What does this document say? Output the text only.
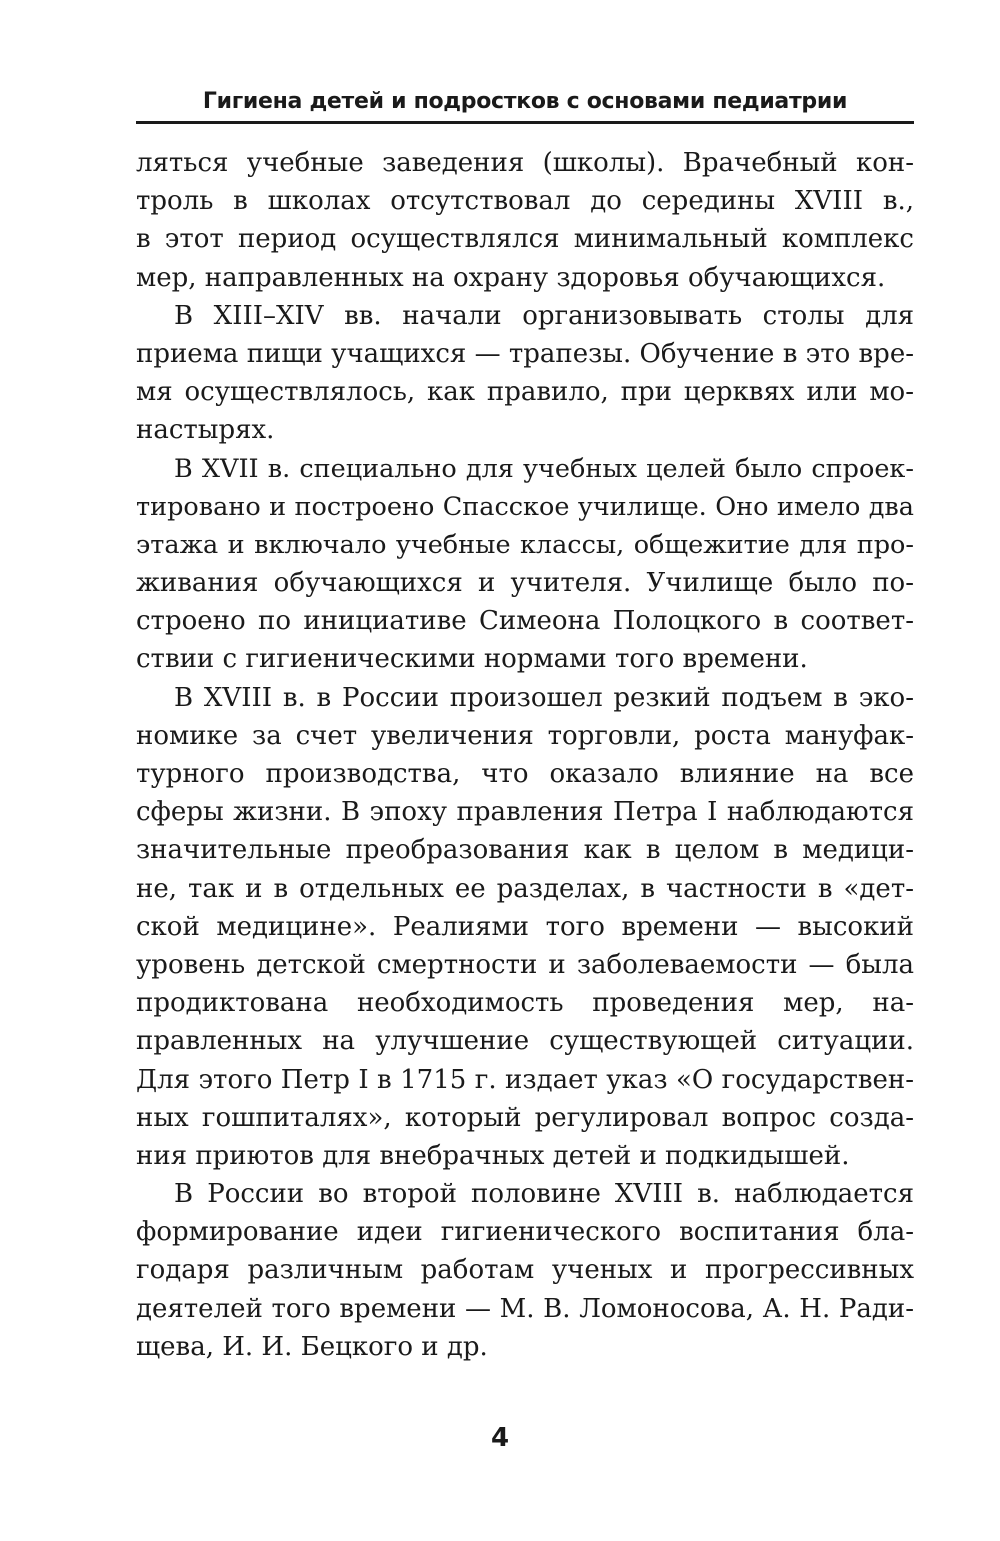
Гигиена детей и подростков с основами педиатрии
ляться учебные заведения (школы). Врачебный кон-
троль в школах отсутствовал до середины XVIII в.,
в этот период осуществлялся минимальный комплекс
мер, направленных на охрану здоровья обучающихся.
В XIII–XIV вв. начали организовывать столы для
приема пищи учащихся — трапезы. Обучение в это вре-
мя осуществлялось, как правило, при церквях или мо-
настырях.
В XVII в. специально для учебных целей было спроек-
тировано и построено Спасское училище. Оно имело два
этажа и включало учебные классы, общежитие для про-
живания обучающихся и учителя. Училище было по-
строено по инициативе Симеона Полоцкого в соответ-
ствии с гигиеническими нормами того времени.
В XVIII в. в России произошел резкий подъем в эко-
номике за счет увеличения торговли, роста мануфак-
турного производства, что оказало влияние на все
сферы жизни. В эпоху правления Петра I наблюдаются
значительные преобразования как в целом в медици-
не, так и в отдельных ее разделах, в частности в «дет-
ской медицине». Реалиями того времени — высокий
уровень детской смертности и заболеваемости — была
продиктована необходимость проведения мер, на-
правленных на улучшение существующей ситуации.
Для этого Петр I в 1715 г. издает указ «О государствен-
ных гошпиталях», который регулировал вопрос созда-
ния приютов для внебрачных детей и подкидышей.
В России во второй половине XVIII в. наблюдается
формирование идеи гигиенического воспитания бла-
годаря различным работам ученых и прогрессивных
деятелей того времени — М. В. Ломоносова, А. Н. Ради-
щева, И. И. Бецкого и др.
4
